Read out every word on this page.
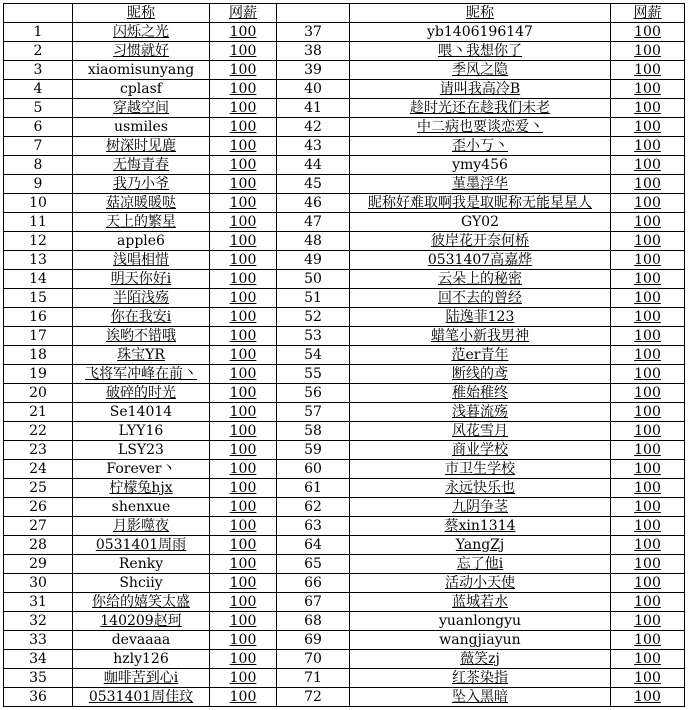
	昵称	网薪		昵称	网薪
1	闪烁之光	100	37	yb1406196147	100
2	习惯就好	100	38	喂丶我想你了	100
3	xiaomisunyang	100	39	季风之隐	100
4	cplasf	100	40	请叫我高冷B	100
5	穿越空间	100	41	趁时光还在趁我们未老	100
6	usmiles	100	42	中二病也要谈恋爱丶	100
7	树深时见鹿	100	43	歪小丂丶	100
8	无悔青春	100	44	ymy456	100
9	我乃小爷	100	45	堇墨浮华	100
10	菇凉暖暖哒	100	46	昵称好难取啊我是取昵称无能星星人	100
11	天上的繁星	100	47	GY02	100
12	apple6	100	48	彼岸花开奈何桥	100
13	浅唱相惜	100	49	0531407高嘉烨	100
14	明天你好i	100	50	云朵上的秘密	100
15	半陌浅殇	100	51	回不去的曾经	100
16	你在我安i	100	52	陆逸菲123	100
17	诶哟不错哦	100	53	蜡笔小新我男神	100
18	珠宝YR	100	54	范er青年	100
19	飞将军冲峰在前丶	100	55	断线的鸢	100
20	破碎的时光	100	56	稚始稚终	100
21	Se14014	100	57	浅暮流殇	100
22	LYY16	100	58	风花雪月	100
23	LSY23	100	59	商业学校	100
24	Forever丶	100	60	市卫生学校	100
25	柠檬兔hjx	100	61	永远快乐也	100
26	shenxue	100	62	九阴争茎	100
27	月影噬夜	100	63	蔡xin1314	100
28	0531401周雨	100	64	YangZj	100
29	Renky	100	65	忘了他i	100
30	Shciiy	100	66	活动小天使	100
31	你给的嬉笑太盛	100	67	蓝城若水	100
32	140209赵珂	100	68	yuanlongyu	100
33	devaaaa	100	69	wangjiayun	100
34	hzly126	100	70	薇笑zj	100
35	咖啡苦到心i	100	71	红茶染指	100
36	0531401周佳玟	100	72	坠入黑暗	100
